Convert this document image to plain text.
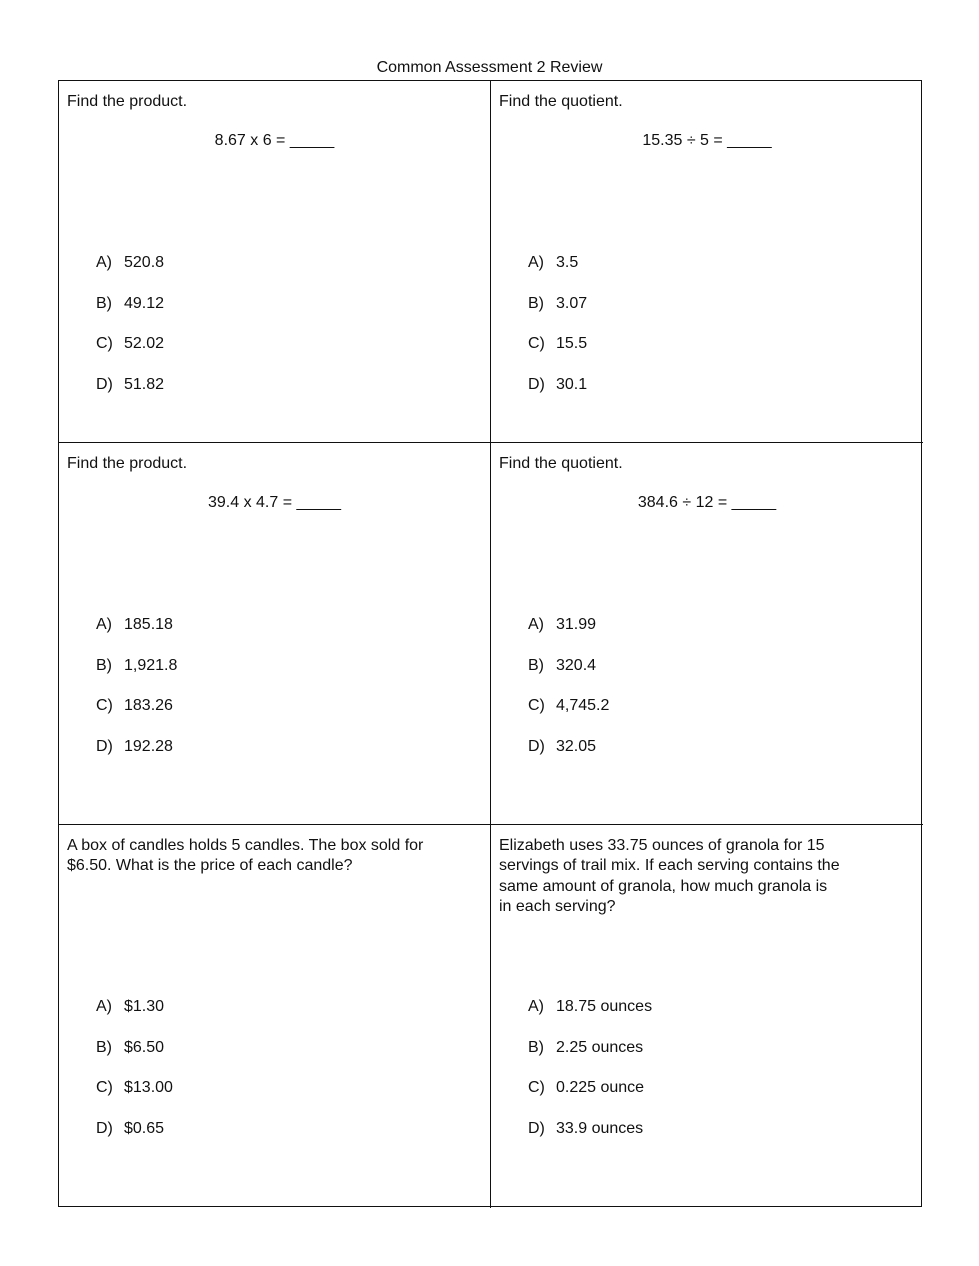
Common Assessment 2 Review

Find the product.

8.67 x 6 = _____
A) 520.8
B) 49.12
C) 52.02
D) 51.82

Find the quotient.

15.35 ÷ 5 = _____
A) 3.5
B) 3.07
C) 15.5
D) 30.1

Find the product.

39.4 x 4.7 = _____
A) 185.18
B) 1,921.8
C) 183.26
D) 192.28

Find the quotient.

384.6 ÷ 12 = _____
A) 31.99
B) 320.4
C) 4,745.2
D) 32.05

A box of candles holds 5 candles. The box sold for
$6.50. What is the price of each candle?

A) $1.30
B) $6.50
C) $13.00
D) $0.65

Elizabeth uses 33.75 ounces of granola for 15
servings of trail mix. If each serving contains the
same amount of granola, how much granola is
in each serving?

A) 18.75 ounces
B) 2.25 ounces
C) 0.225 ounce
D) 33.9 ounces
